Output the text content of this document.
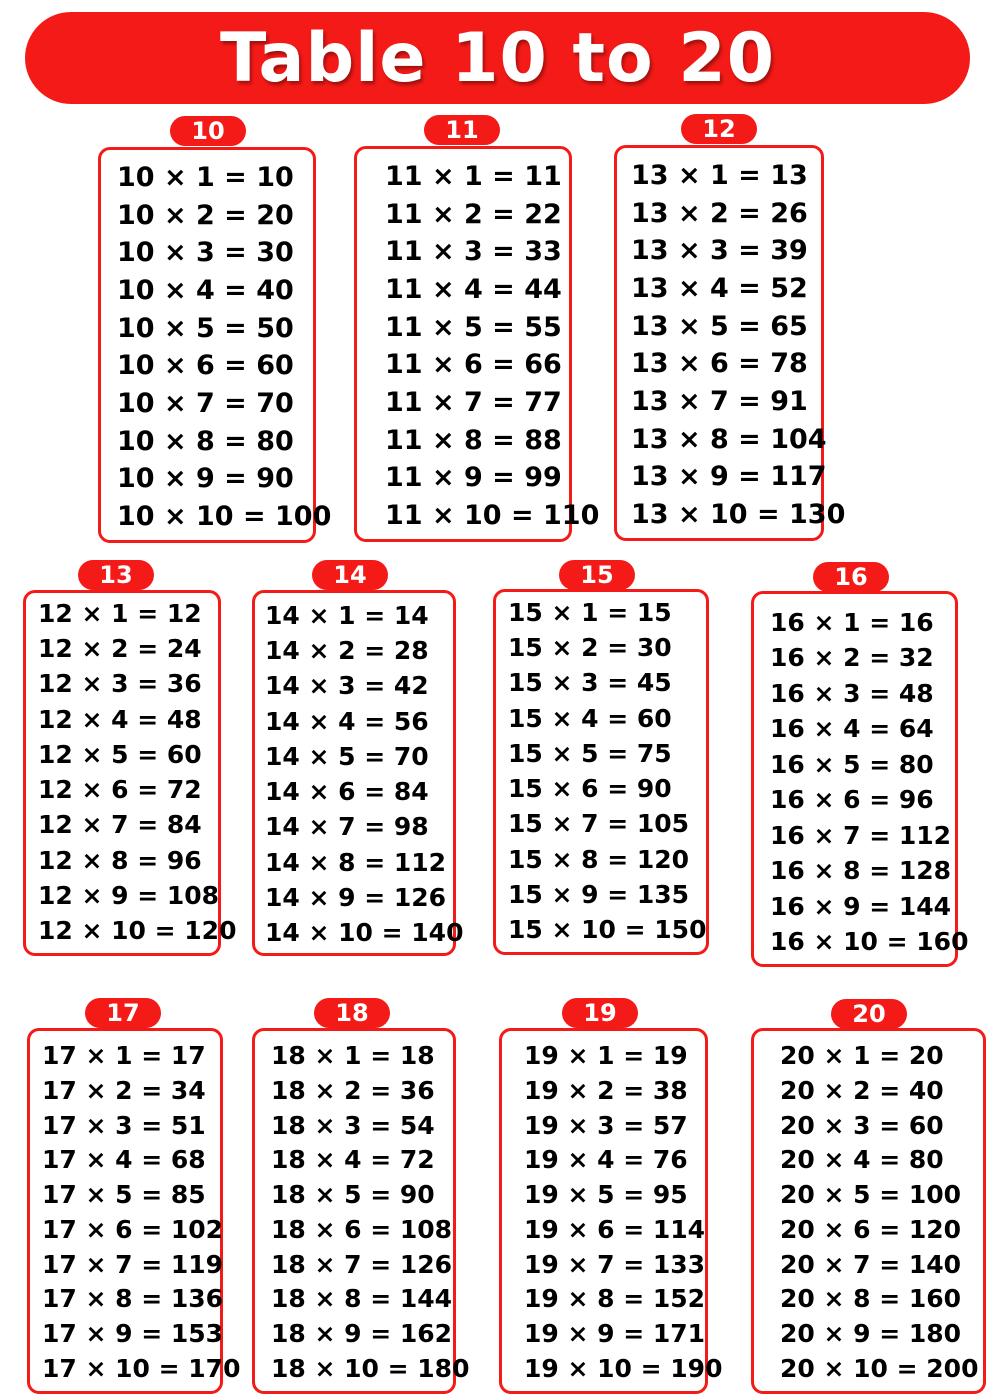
Table 10 to 20
10
10 × 1 = 10
10 × 2 = 20
10 × 3 = 30
10 × 4 = 40
10 × 5 = 50
10 × 6 = 60
10 × 7 = 70
10 × 8 = 80
10 × 9 = 90
10 × 10 = 100
11
11 × 1 = 11
11 × 2 = 22
11 × 3 = 33
11 × 4 = 44
11 × 5 = 55
11 × 6 = 66
11 × 7 = 77
11 × 8 = 88
11 × 9 = 99
11 × 10 = 110
12
13 × 1 = 13
13 × 2 = 26
13 × 3 = 39
13 × 4 = 52
13 × 5 = 65
13 × 6 = 78
13 × 7 = 91
13 × 8 = 104
13 × 9 = 117
13 × 10 = 130
13
12 × 1 = 12
12 × 2 = 24
12 × 3 = 36
12 × 4 = 48
12 × 5 = 60
12 × 6 = 72
12 × 7 = 84
12 × 8 = 96
12 × 9 = 108
12 × 10 = 120
14
14 × 1 = 14
14 × 2 = 28
14 × 3 = 42
14 × 4 = 56
14 × 5 = 70
14 × 6 = 84
14 × 7 = 98
14 × 8 = 112
14 × 9 = 126
14 × 10 = 140
15
15 × 1 = 15
15 × 2 = 30
15 × 3 = 45
15 × 4 = 60
15 × 5 = 75
15 × 6 = 90
15 × 7 = 105
15 × 8 = 120
15 × 9 = 135
15 × 10 = 150
16
16 × 1 = 16
16 × 2 = 32
16 × 3 = 48
16 × 4 = 64
16 × 5 = 80
16 × 6 = 96
16 × 7 = 112
16 × 8 = 128
16 × 9 = 144
16 × 10 = 160
17
17 × 1 = 17
17 × 2 = 34
17 × 3 = 51
17 × 4 = 68
17 × 5 = 85
17 × 6 = 102
17 × 7 = 119
17 × 8 = 136
17 × 9 = 153
17 × 10 = 170
18
18 × 1 = 18
18 × 2 = 36
18 × 3 = 54
18 × 4 = 72
18 × 5 = 90
18 × 6 = 108
18 × 7 = 126
18 × 8 = 144
18 × 9 = 162
18 × 10 = 180
19
19 × 1 = 19
19 × 2 = 38
19 × 3 = 57
19 × 4 = 76
19 × 5 = 95
19 × 6 = 114
19 × 7 = 133
19 × 8 = 152
19 × 9 = 171
19 × 10 = 190
20
20 × 1 = 20
20 × 2 = 40
20 × 3 = 60
20 × 4 = 80
20 × 5 = 100
20 × 6 = 120
20 × 7 = 140
20 × 8 = 160
20 × 9 = 180
20 × 10 = 200
